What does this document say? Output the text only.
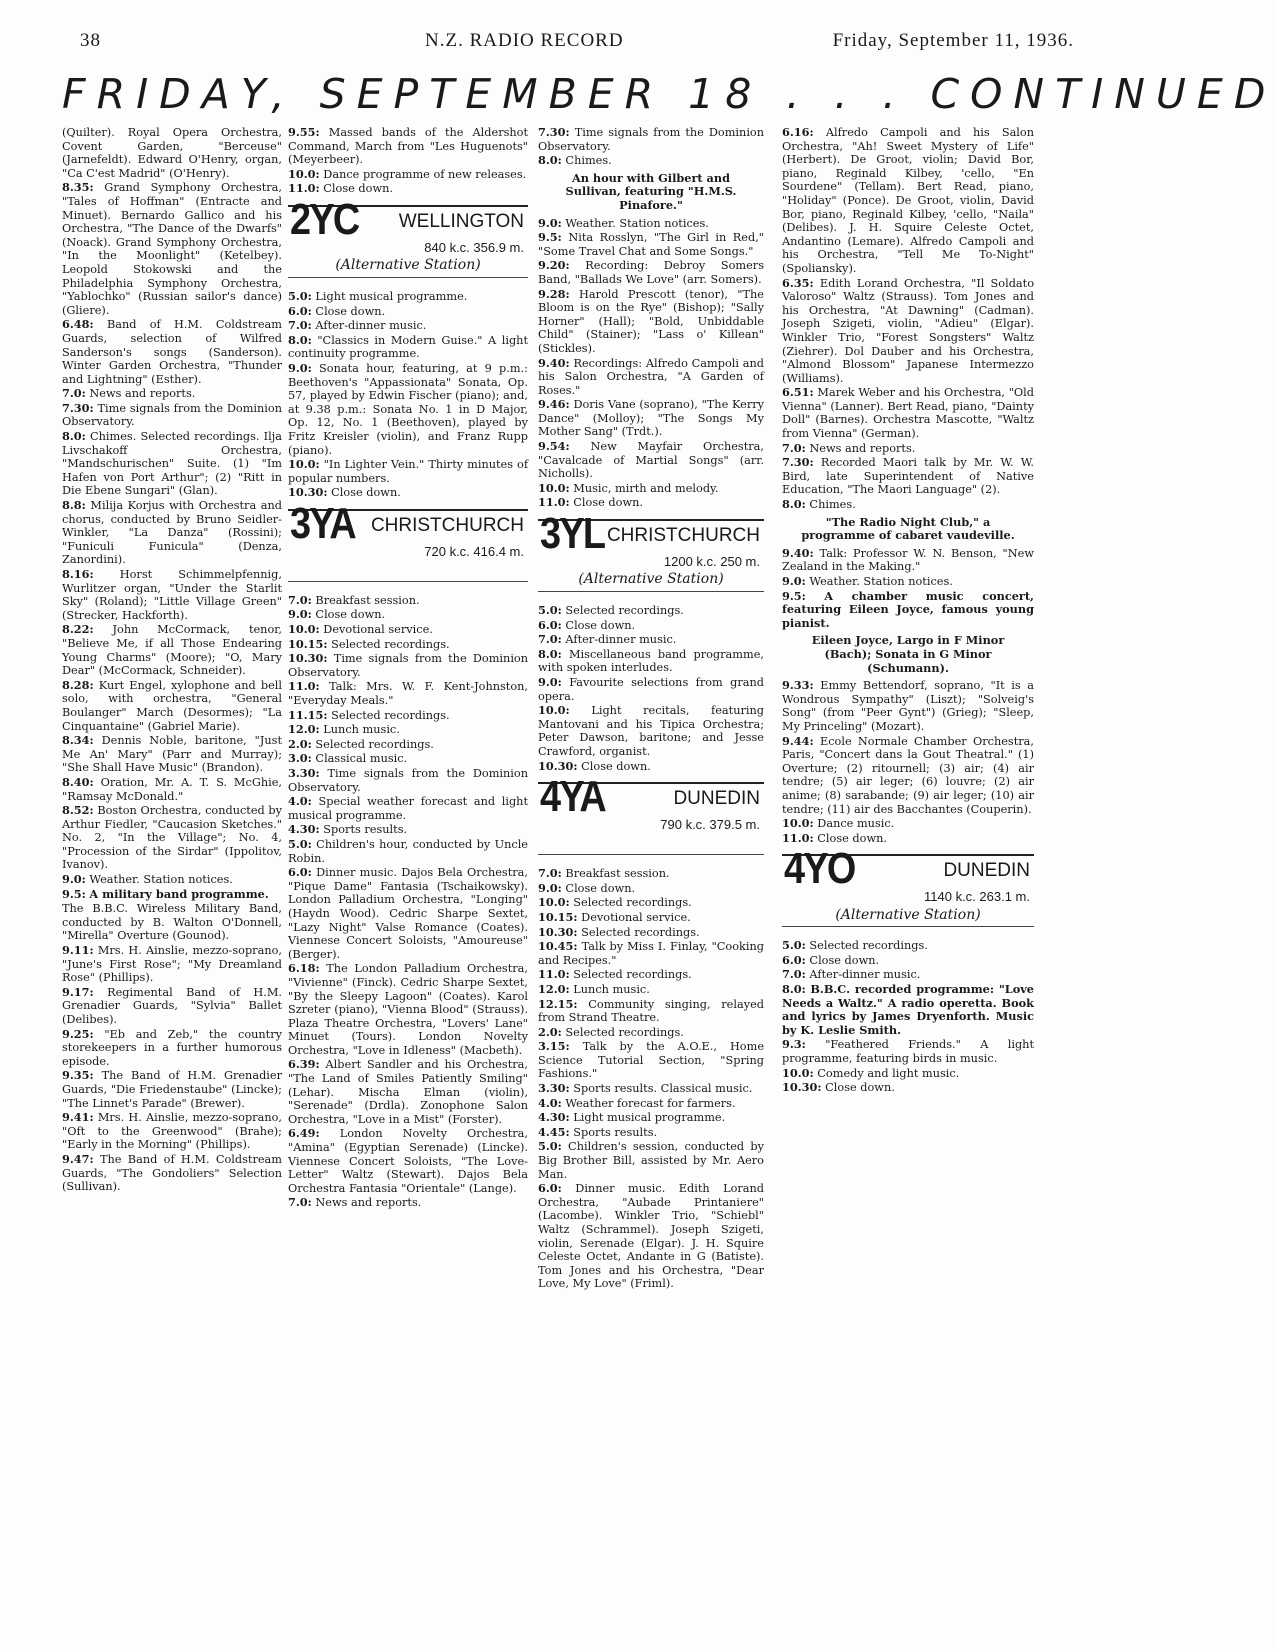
38	N.Z. RADIO RECORD	Friday, September 11, 1936.
FRIDAY, SEPTEMBER 18 . . . CONTINUED
(Quilter). Royal Opera Orchestra, Covent Garden, "Berceuse" (Jarnefeldt). Edward O'Henry, organ, "Ca C'est Madrid" (O'Henry).
8.35: Grand Symphony Orchestra, "Tales of Hoffman" (Entracte and Minuet). Bernardo Gallico and his Orchestra, "The Dance of the Dwarfs" (Noack). Grand Symphony Orchestra, "In the Moonlight" (Ketelbey). Leopold Stokowski and the Philadelphia Symphony Orchestra, "Yablochko" (Russian sailor's dance) (Gliere).
6.48: Band of H.M. Coldstream Guards, selection of Wilfred Sanderson's songs (Sanderson). Winter Garden Orchestra, "Thunder and Lightning" (Esther).
7.0: News and reports.
7.30: Time signals from the Dominion Observatory.
8.0: Chimes. Selected recordings. Ilja Livschakoff Orchestra, "Mandschurischen" Suite. (1) "Im Hafen von Port Arthur"; (2) "Ritt in Die Ebene Sungari" (Glan).
8.8: Milija Korjus with Orchestra and chorus, conducted by Bruno Seidler-Winkler, "La Danza" (Rossini); "Funiculi Funicula" (Denza, Zanordini).
8.16: Horst Schimmelpfennig, Wurlitzer organ, "Under the Starlit Sky" (Roland); "Little Village Green" (Strecker, Hackforth).
8.22: John McCormack, tenor, "Believe Me, if all Those Endearing Young Charms" (Moore); "O, Mary Dear" (McCormack, Schneider).
8.28: Kurt Engel, xylophone and bell solo, with orchestra, "General Boulanger" March (Desormes); "La Cinquantaine" (Gabriel Marie).
8.34: Dennis Noble, baritone, "Just Me An' Mary" (Parr and Murray); "She Shall Have Music" (Brandon).
8.40: Oration, Mr. A. T. S. McGhie, "Ramsay McDonald."
8.52: Boston Orchestra, conducted by Arthur Fiedler, "Caucasion Sketches." No. 2, "In the Village"; No. 4, "Procession of the Sirdar" (Ippolitov, Ivanov).
9.0: Weather. Station notices.
9.5: A military band programme.
The B.B.C. Wireless Military Band, conducted by B. Walton O'Donnell, "Mirella" Overture (Gounod).
9.11: Mrs. H. Ainslie, mezzo-soprano, "June's First Rose"; "My Dreamland Rose" (Phillips).
9.17: Regimental Band of H.M. Grenadier Guards, "Sylvia" Ballet (Delibes).
9.25: "Eb and Zeb," the country storekeepers in a further humorous episode.
9.35: The Band of H.M. Grenadier Guards, "Die Friedenstaube" (Lincke); "The Linnet's Parade" (Brewer).
9.41: Mrs. H. Ainslie, mezzo-soprano, "Oft to the Greenwood" (Brahe); "Early in the Morning" (Phillips).
9.47: The Band of H.M. Coldstream Guards, "The Gondoliers" Selection (Sullivan).
9.55: Massed bands of the Aldershot Command, March from "Les Huguenots" (Meyerbeer).
10.0: Dance programme of new releases.
11.0: Close down.
2YC WELLINGTON
840 k.c. 356.9 m.
(Alternative Station)
5.0: Light musical programme.
6.0: Close down.
7.0: After-dinner music.
8.0: "Classics in Modern Guise." A light continuity programme.
9.0: Sonata hour, featuring, at 9 p.m.: Beethoven's "Appassionata" Sonata, Op. 57, played by Edwin Fischer (piano); and, at 9.38 p.m.: Sonata No. 1 in D Major, Op. 12, No. 1 (Beethoven), played by Fritz Kreisler (violin), and Franz Rupp (piano).
10.0: "In Lighter Vein." Thirty minutes of popular numbers.
10.30: Close down.
3YA CHRISTCHURCH
720 k.c. 416.4 m.
7.0: Breakfast session.
9.0: Close down.
10.0: Devotional service.
10.15: Selected recordings.
10.30: Time signals from the Dominion Observatory.
11.0: Talk: Mrs. W. F. Kent-Johnston, "Everyday Meals."
11.15: Selected recordings.
12.0: Lunch music.
2.0: Selected recordings.
3.0: Classical music.
3.30: Time signals from the Dominion Observatory.
4.0: Special weather forecast and light musical programme.
4.30: Sports results.
5.0: Children's hour, conducted by Uncle Robin.
6.0: Dinner music. Dajos Bela Orchestra, "Pique Dame" Fantasia (Tschaikowsky). London Palladium Orchestra, "Longing" (Haydn Wood). Cedric Sharpe Sextet, "Lazy Night" Valse Romance (Coates). Viennese Concert Soloists, "Amoureuse" (Berger).
6.18: The London Palladium Orchestra, "Vivienne" (Finck). Cedric Sharpe Sextet, "By the Sleepy Lagoon" (Coates). Karol Szreter (piano), "Vienna Blood" (Strauss). Plaza Theatre Orchestra, "Lovers' Lane" Minuet (Tours). London Novelty Orchestra, "Love in Idleness" (Macbeth).
6.39: Albert Sandler and his Orchestra, "The Land of Smiles Patiently Smiling" (Lehar). Mischa Elman (violin), "Serenade" (Drdla). Zonophone Salon Orchestra, "Love in a Mist" (Forster).
6.49: London Novelty Orchestra, "Amina" (Egyptian Serenade) (Lincke). Viennese Concert Soloists, "The Love-Letter" Waltz (Stewart). Dajos Bela Orchestra Fantasia "Orientale" (Lange).
7.0: News and reports.
7.30: Time signals from the Dominion Observatory.
8.0: Chimes.
An hour with Gilbert and Sullivan, featuring "H.M.S. Pinafore."
9.0: Weather. Station notices.
9.5: Nita Rosslyn, "The Girl in Red," "Some Travel Chat and Some Songs."
9.20: Recording: Debroy Somers Band, "Ballads We Love" (arr. Somers).
9.28: Harold Prescott (tenor), "The Bloom is on the Rye" (Bishop); "Sally Horner" (Hall); "Bold, Unbiddable Child" (Stainer); "Lass o' Killean" (Stickles).
9.40: Recordings: Alfredo Campoli and his Salon Orchestra, "A Garden of Roses."
9.46: Doris Vane (soprano), "The Kerry Dance" (Molloy); "The Songs My Mother Sang" (Trdt.).
9.54: New Mayfair Orchestra, "Cavalcade of Martial Songs" (arr. Nicholls).
10.0: Music, mirth and melody.
11.0: Close down.
3YL CHRISTCHURCH
1200 k.c. 250 m.
(Alternative Station)
5.0: Selected recordings.
6.0: Close down.
7.0: After-dinner music.
8.0: Miscellaneous band programme, with spoken interludes.
9.0: Favourite selections from grand opera.
10.0: Light recitals, featuring Mantovani and his Tipica Orchestra; Peter Dawson, baritone; and Jesse Crawford, organist.
10.30: Close down.
4YA	DUNEDIN
790 k.c. 379.5 m.
7.0: Breakfast session.
9.0: Close down.
10.0: Selected recordings.
10.15: Devotional service.
10.30: Selected recordings.
10.45: Talk by Miss I. Finlay, "Cooking and Recipes."
11.0: Selected recordings.
12.0: Lunch music.
12.15: Community singing, relayed from Strand Theatre.
2.0: Selected recordings.
3.15: Talk by the A.O.E., Home Science Tutorial Section, "Spring Fashions."
3.30: Sports results. Classical music.
4.0: Weather forecast for farmers.
4.30: Light musical programme.
4.45: Sports results.
5.0: Children's session, conducted by Big Brother Bill, assisted by Mr. Aero Man.
6.0: Dinner music. Edith Lorand Orchestra, "Aubade Printaniere" (Lacombe). Winkler Trio, "Schiebl" Waltz (Schrammel). Joseph Szigeti, violin, Serenade (Elgar). J. H. Squire Celeste Octet, Andante in G (Batiste). Tom Jones and his Orchestra, "Dear Love, My Love" (Friml).
6.16: Alfredo Campoli and his Salon Orchestra, "Ah! Sweet Mystery of Life" (Herbert). De Groot, violin; David Bor, piano, Reginald Kilbey, 'cello, "En Sourdene" (Tellam). Bert Read, piano, "Holiday" (Ponce). De Groot, violin, David Bor, piano, Reginald Kilbey, 'cello, "Naila" (Delibes). J. H. Squire Celeste Octet, Andantino (Lemare). Alfredo Campoli and his Orchestra, "Tell Me To-Night" (Spoliansky).
6.35: Edith Lorand Orchestra, "Il Soldato Valoroso" Waltz (Strauss). Tom Jones and his Orchestra, "At Dawning" (Cadman). Joseph Szigeti, violin, "Adieu" (Elgar). Winkler Trio, "Forest Songsters" Waltz (Ziehrer). Dol Dauber and his Orchestra, "Almond Blossom" Japanese Intermezzo (Williams).
6.51: Marek Weber and his Orchestra, "Old Vienna" (Lanner). Bert Read, piano, "Dainty Doll" (Barnes). Orchestra Mascotte, "Waltz from Vienna" (German).
7.0: News and reports.
7.30: Recorded Maori talk by Mr. W. W. Bird, late Superintendent of Native Education, "The Maori Language" (2).
8.0: Chimes.
"The Radio Night Club," a programme of cabaret vaudeville.
9.40: Talk: Professor W. N. Benson, "New Zealand in the Making."
9.0: Weather. Station notices.
9.5: A chamber music concert, featuring Eileen Joyce, famous young pianist.
Eileen Joyce, Largo in F Minor (Bach); Sonata in G Minor (Schumann).
9.33: Emmy Bettendorf, soprano, "It is a Wondrous Sympathy" (Liszt); "Solveig's Song" (from "Peer Gynt") (Grieg); "Sleep, My Princeling" (Mozart).
9.44: Ecole Normale Chamber Orchestra, Paris, "Concert dans la Gout Theatral." (1) Overture; (2) ritournell; (3) air; (4) air tendre; (5) air leger; (6) louvre; (2) air anime; (8) sarabande; (9) air leger; (10) air tendre; (11) air des Bacchantes (Couperin).
10.0: Dance music.
11.0: Close down.
4YO	DUNEDIN
1140 k.c. 263.1 m.
(Alternative Station)
5.0: Selected recordings.
6.0: Close down.
7.0: After-dinner music.
8.0: B.B.C. recorded programme: "Love Needs a Waltz." A radio operetta. Book and lyrics by James Dryenforth. Music by K. Leslie Smith.
9.3: "Feathered Friends." A light programme, featuring birds in music.
10.0: Comedy and light music.
10.30: Close down.
